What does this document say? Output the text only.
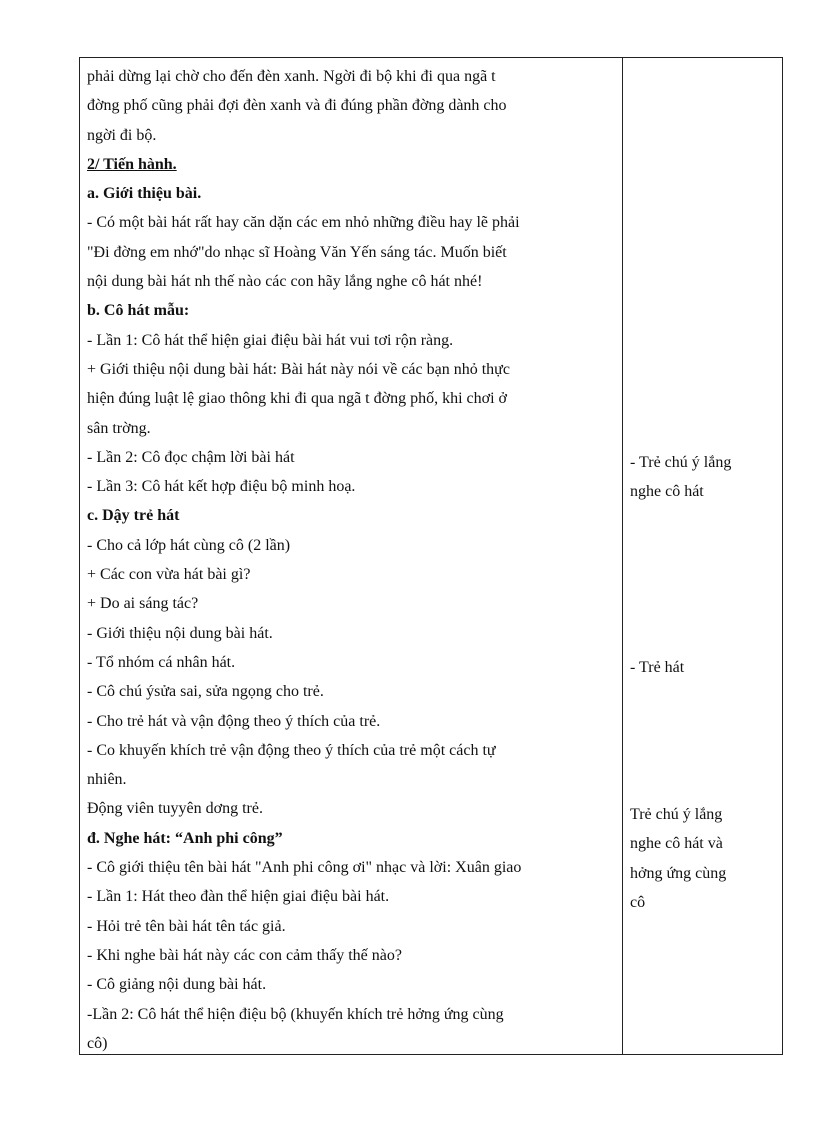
phải dừng lại chờ cho đến đèn xanh. Ngời đi bộ khi đi qua ngã t
đờng phố cũng phải đợi đèn xanh và đi đúng phần đờng dành cho
ngời đi bộ.
2/ Tiến hành.
a. Giới thiệu bài.
- Có một bài hát rất hay căn dặn các em nhỏ những điều hay lẽ phải
"Đi đờng em nhớ"do nhạc sĩ Hoàng Văn Yến sáng tác. Muốn biết
nội dung bài hát nh thế nào các con hãy lắng nghe cô hát nhé!
b. Cô hát mẫu:
- Lần 1: Cô hát thể hiện giai điệu bài hát vui tơi rộn ràng.
+ Giới thiệu nội dung bài hát: Bài hát này nói về các bạn nhỏ thực
hiện đúng luật lệ giao thông khi đi qua ngã t đờng phố, khi chơi ở
sân trờng.
- Lần 2: Cô đọc chậm lời bài hát
- Lần 3: Cô hát kết hợp điệu bộ minh hoạ.
c. Dậy trẻ hát
- Cho cả lớp hát cùng cô (2 lần)
+ Các con vừa hát bài gì?
+ Do ai sáng tác?
- Giới thiệu nội dung bài hát.
- Tổ nhóm cá nhân hát.
- Cô chú ýsửa sai, sửa ngọng cho trẻ.
- Cho trẻ hát và vận động theo ý thích của trẻ.
- Co khuyến khích trẻ vận động theo ý thích của trẻ một cách tự
nhiên.
Động viên tuyyên dơng trẻ.
đ. Nghe hát: “Anh phi công”
- Cô giới thiệu tên bài hát "Anh phi công ơi" nhạc và lời: Xuân giao
- Lần 1: Hát theo đàn thể hiện giai điệu bài hát.
- Hỏi trẻ tên bài hát tên tác giả.
- Khi nghe bài hát này các con cảm thấy thế nào?
- Cô giảng nội dung bài hát.
-Lần 2: Cô hát thể hiện điệu bộ (khuyến khích trẻ hởng ứng cùng
cô)
- Trẻ chú ý lắng
nghe cô hát
- Trẻ hát
Trẻ chú ý lắng
nghe cô hát và
hởng ứng cùng
cô
